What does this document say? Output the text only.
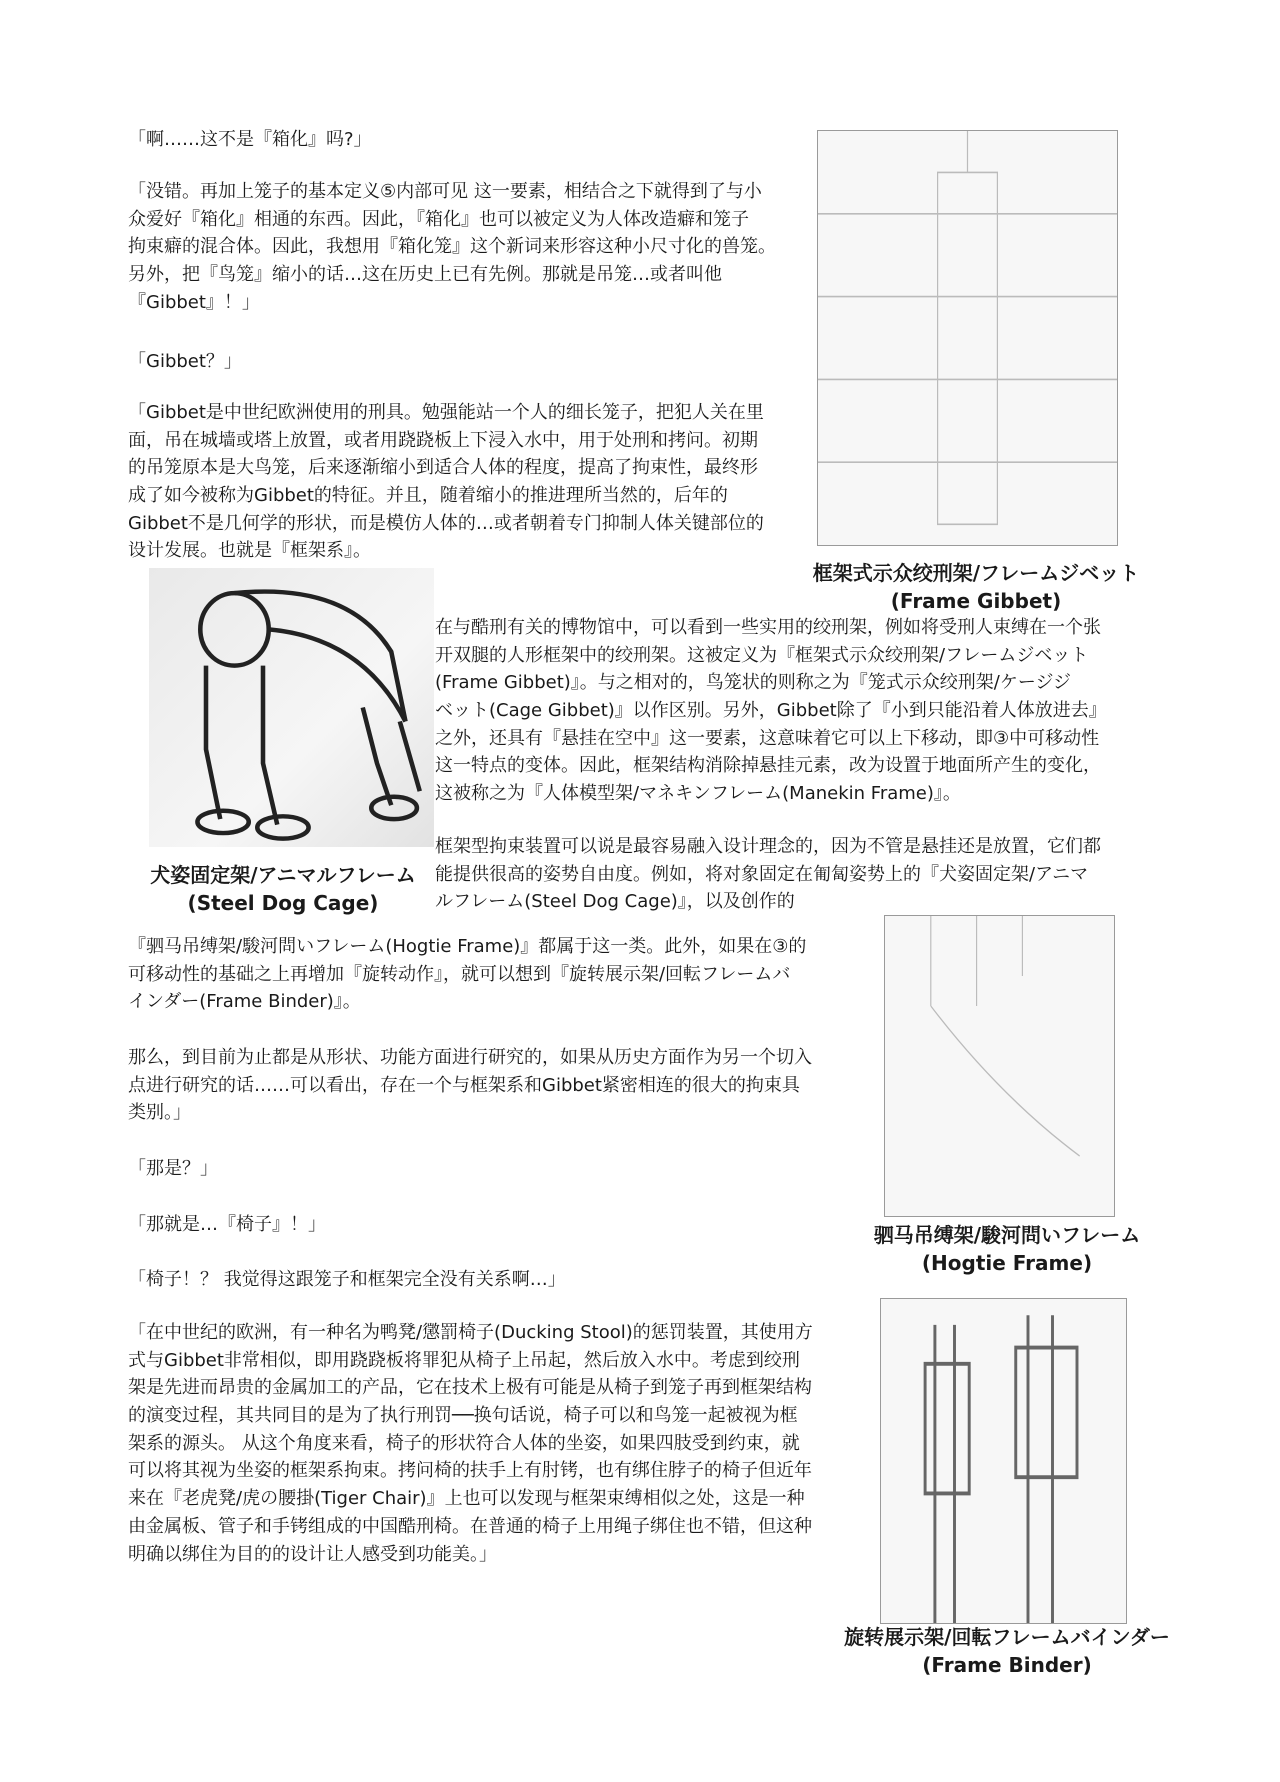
「啊……这不是『箱化』吗?」
「没错。再加上笼子的基本定义⑤内部可见 这一要素，相结合之下就得到了与小
众爱好『箱化』相通的东西。因此，『箱化』也可以被定义为人体改造癖和笼子
拘束癖的混合体。因此，我想用『箱化笼』这个新词来形容这种小尺寸化的兽笼。
另外，把『鸟笼』缩小的话…这在历史上已有先例。那就是吊笼…或者叫他
『Gibbet』！」
「Gibbet？」
「Gibbet是中世纪欧洲使用的刑具。勉强能站一个人的细长笼子，把犯人关在里
面，吊在城墙或塔上放置，或者用跷跷板上下浸入水中，用于处刑和拷问。初期
的吊笼原本是大鸟笼，后来逐渐缩小到适合人体的程度，提高了拘束性，最终形
成了如今被称为Gibbet的特征。并且，随着缩小的推进理所当然的，后年的
Gibbet不是几何学的形状，而是模仿人体的…或者朝着专门抑制人体关键部位的
设计发展。也就是『框架系』。
在与酷刑有关的博物馆中，可以看到一些实用的绞刑架，例如将受刑人束缚在一个张
开双腿的人形框架中的绞刑架。这被定义为『框架式示众绞刑架/フレームジベット
(Frame Gibbet)』。与之相对的，鸟笼状的则称之为『笼式示众绞刑架/ケージジ
ベット(Cage Gibbet)』以作区别。另外，Gibbet除了『小到只能沿着人体放进去』
之外，还具有『悬挂在空中』这一要素，这意味着它可以上下移动，即③中可移动性
这一特点的变体。因此，框架结构消除掉悬挂元素，改为设置于地面所产生的变化，
这被称之为『人体模型架/マネキンフレーム(Manekin Frame)』。
框架型拘束装置可以说是最容易融入设计理念的，因为不管是悬挂还是放置，它们都
能提供很高的姿势自由度。例如，将对象固定在匍匐姿势上的『犬姿固定架/アニマ
ルフレーム(Steel Dog Cage)』，以及创作的
『驷马吊缚架/駿河問いフレーム(Hogtie Frame)』都属于这一类。此外，如果在③的
可移动性的基础之上再增加『旋转动作』，就可以想到『旋转展示架/回転フレームバ
インダー(Frame Binder)』。
那么，到目前为止都是从形状、功能方面进行研究的，如果从历史方面作为另一个切入
点进行研究的话……可以看出，存在一个与框架系和Gibbet紧密相连的很大的拘束具
类别。」
「那是？」
「那就是…『椅子』！」
「椅子！？ 我觉得这跟笼子和框架完全没有关系啊…」
「在中世纪的欧洲，有一种名为鸭凳/懲罰椅子(Ducking Stool)的惩罚装置，其使用方
式与Gibbet非常相似，即用跷跷板将罪犯从椅子上吊起，然后放入水中。考虑到绞刑
架是先进而昂贵的金属加工的产品，它在技术上极有可能是从椅子到笼子再到框架结构
的演变过程，其共同目的是为了执行刑罚──换句话说，椅子可以和鸟笼一起被视为框
架系的源头。 从这个角度来看，椅子的形状符合人体的坐姿，如果四肢受到约束，就
可以将其视为坐姿的框架系拘束。拷问椅的扶手上有肘铐，也有绑住脖子的椅子但近年
来在『老虎凳/虎の腰掛(Tiger Chair)』上也可以发现与框架束缚相似之处，这是一种
由金属板、管子和手铐组成的中国酷刑椅。在普通的椅子上用绳子绑住也不错，但这种
明确以绑住为目的的设计让人感受到功能美。」
框架式示众绞刑架/フレームジベット
(Frame Gibbet)
犬姿固定架/アニマルフレーム
(Steel Dog Cage)
驷马吊缚架/駿河問いフレーム
(Hogtie Frame)
旋转展示架/回転フレームバインダー
(Frame Binder)
